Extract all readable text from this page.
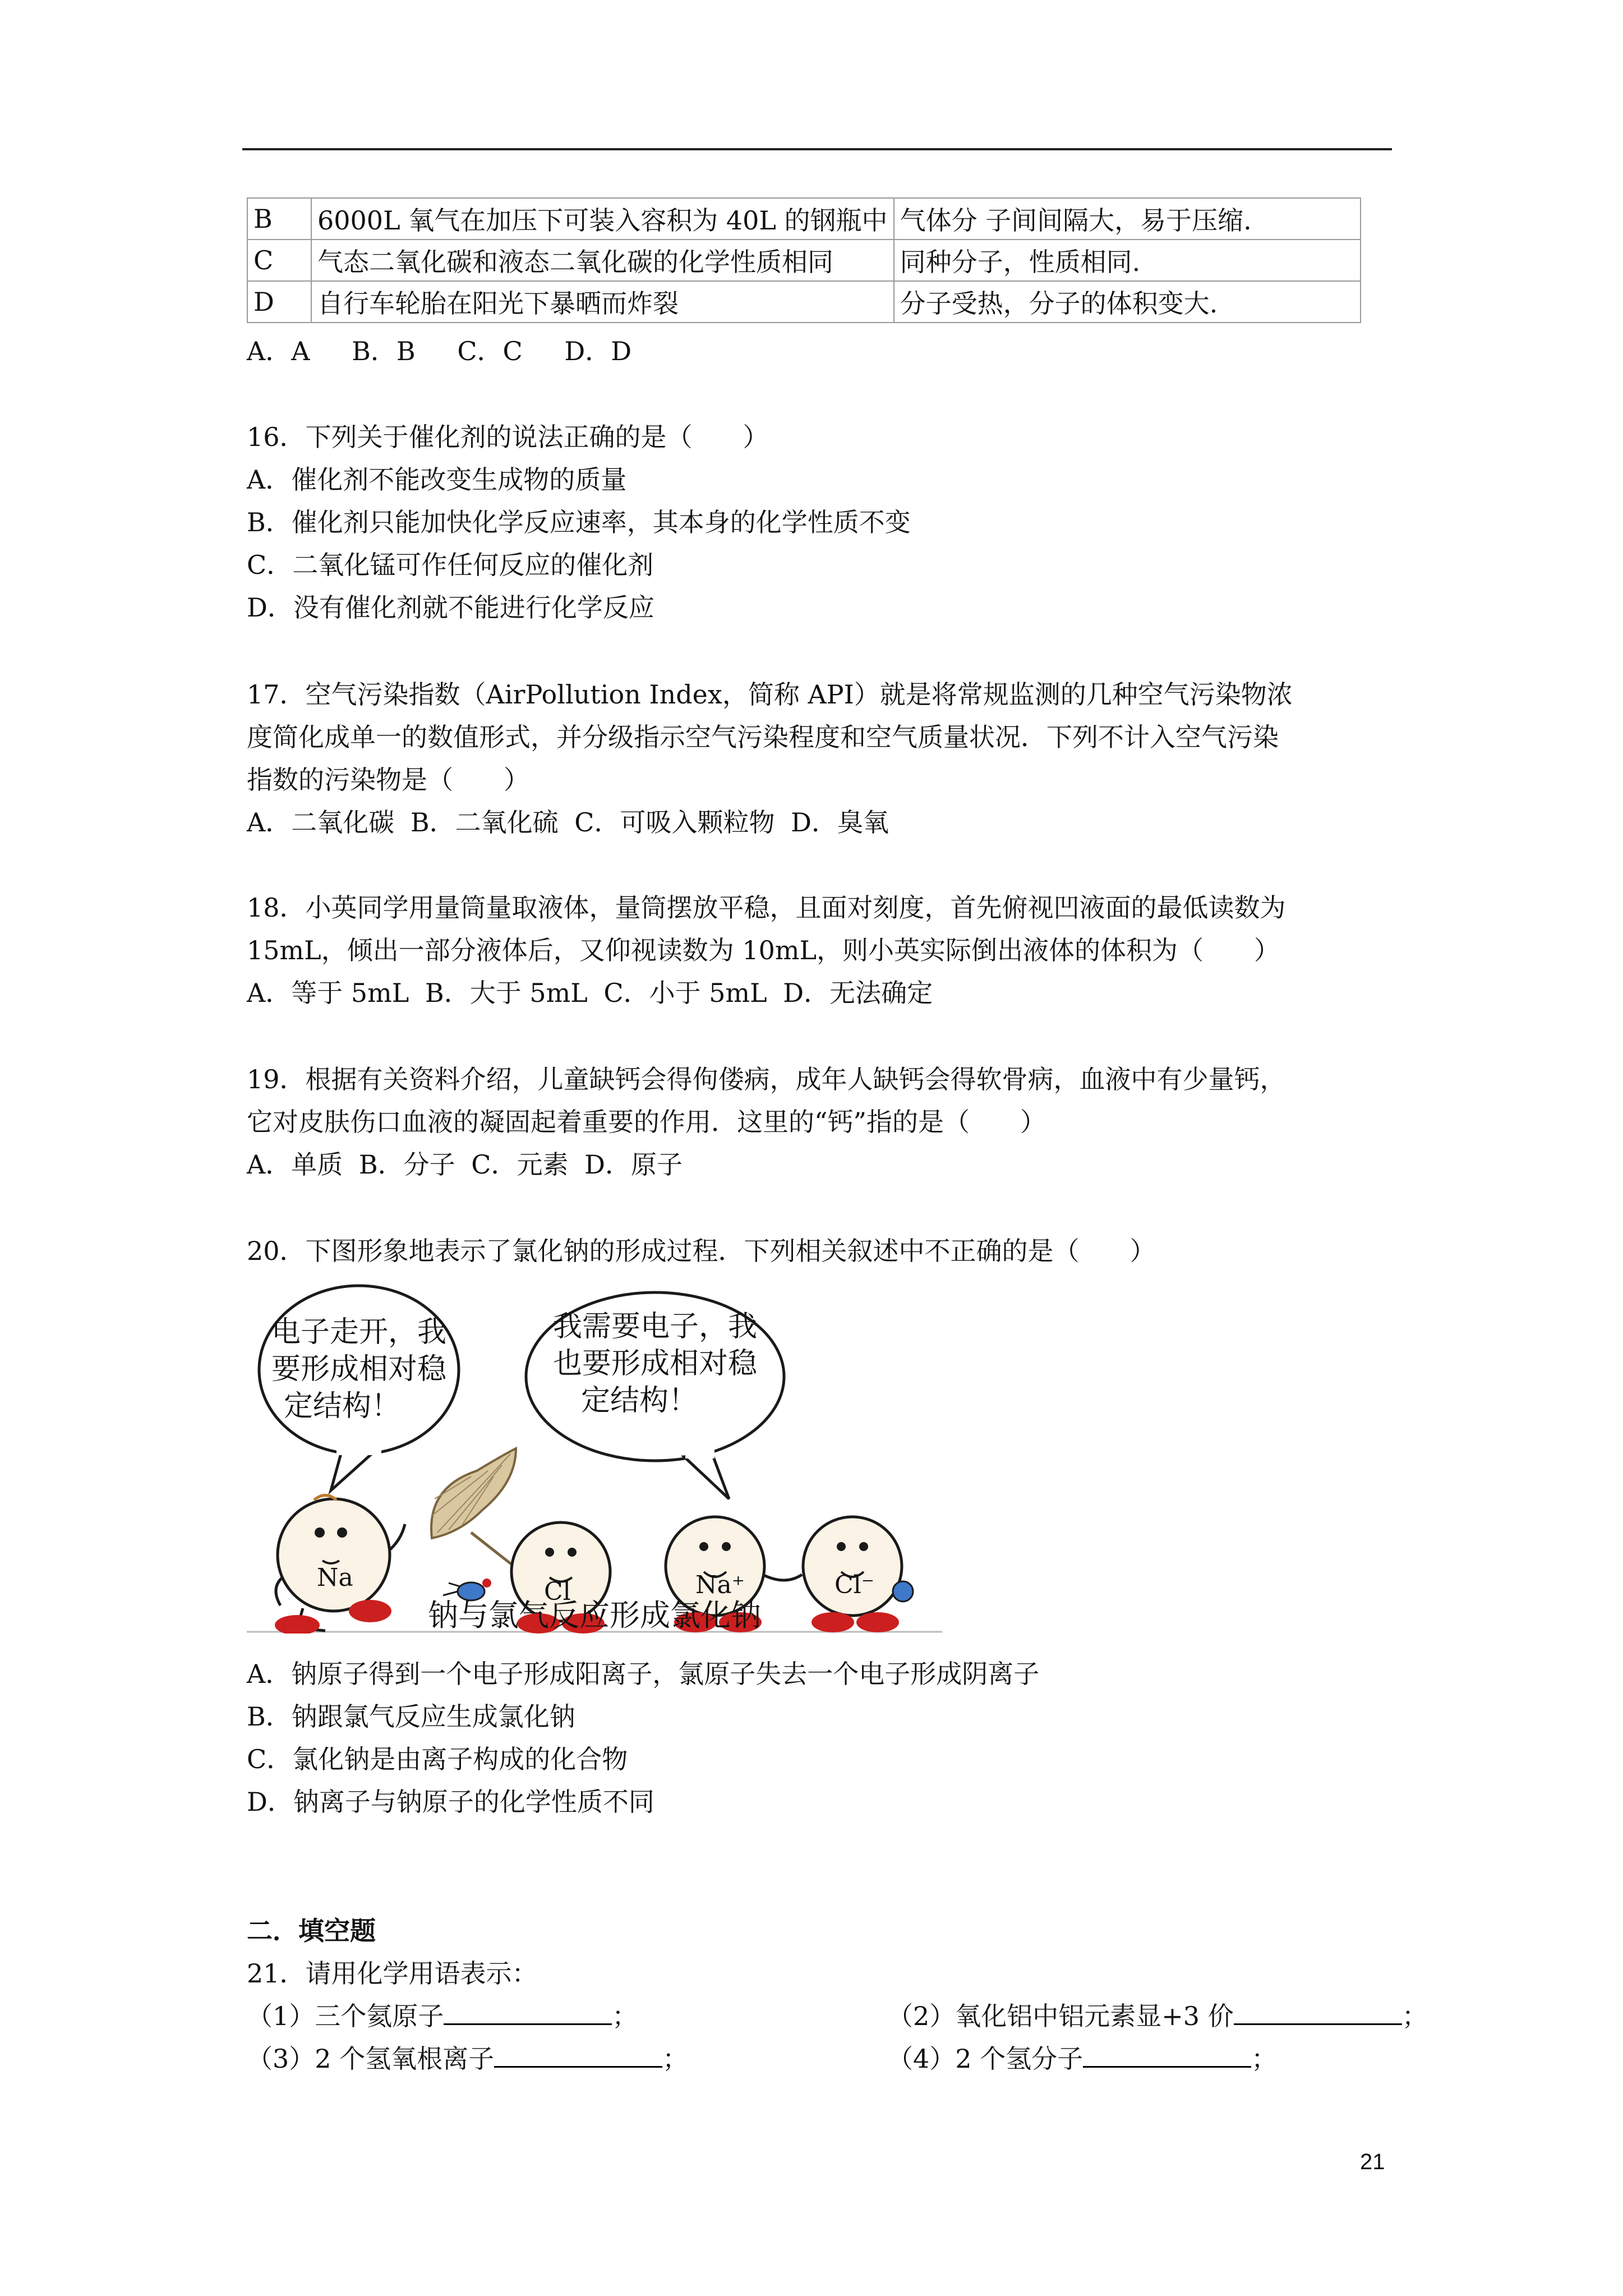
B	6000L 氧气在加压下可装入容积为 40L 的钢瓶中	气体分 子间间隔大，易于压缩.
C	气态二氧化碳和液态二氧化碳的化学性质相同	同种分子，性质相同.
D	自行车轮胎在阳光下暴晒而炸裂	分子受热，分子的体积变大.
A．A B．B C．C D．D
16．下列关于催化剂的说法正确的是（ ）
A．催化剂不能改变生成物的质量
B．催化剂只能加快化学反应速率，其本身的化学性质不变
C．二氧化锰可作任何反应的催化剂
D．没有催化剂就不能进行化学反应
17．空气污染指数（AirPollution Index，简称 API）就是将常规监测的几种空气污染物浓
度简化成单一的数值形式，并分级指示空气污染程度和空气质量状况．下列不计入空气污染
指数的污染物是（ ）
A．二氧化碳 B．二氧化硫 C．可吸入颗粒物 D．臭氧
18．小英同学用量筒量取液体，量筒摆放平稳，且面对刻度，首先俯视凹液面的最低读数为
15mL，倾出一部分液体后，又仰视读数为 10mL，则小英实际倒出液体的体积为（ ）
A．等于 5mL B．大于 5mL C．小于 5mL D．无法确定
19．根据有关资料介绍，儿童缺钙会得佝偻病，成年人缺钙会得软骨病，血液中有少量钙，
它对皮肤伤口血液的凝固起着重要的作用．这里的“钙”指的是（ ）
A．单质 B．分子 C．元素 D．原子
20．下图形象地表示了氯化钠的形成过程．下列相关叙述中不正确的是（ ）
电子走开，我
要形成相对稳
定结构！
我需要电子，我
也要形成相对稳
定结构！
Na	Cl	Na⁺	Cl⁻
钠与氯气反应形成氯化钠
A．钠原子得到一个电子形成阳离子，氯原子失去一个电子形成阴离子
B．钠跟氯气反应生成氯化钠
C．氯化钠是由离子构成的化合物
D．钠离子与钠原子的化学性质不同
二．填空题
21．请用化学用语表示：
（1）三个氦原子	；	（2）氧化铝中铝元素显+3 价	；
（3）2 个氢氧根离子	；	（4）2 个氢分子	；
21
